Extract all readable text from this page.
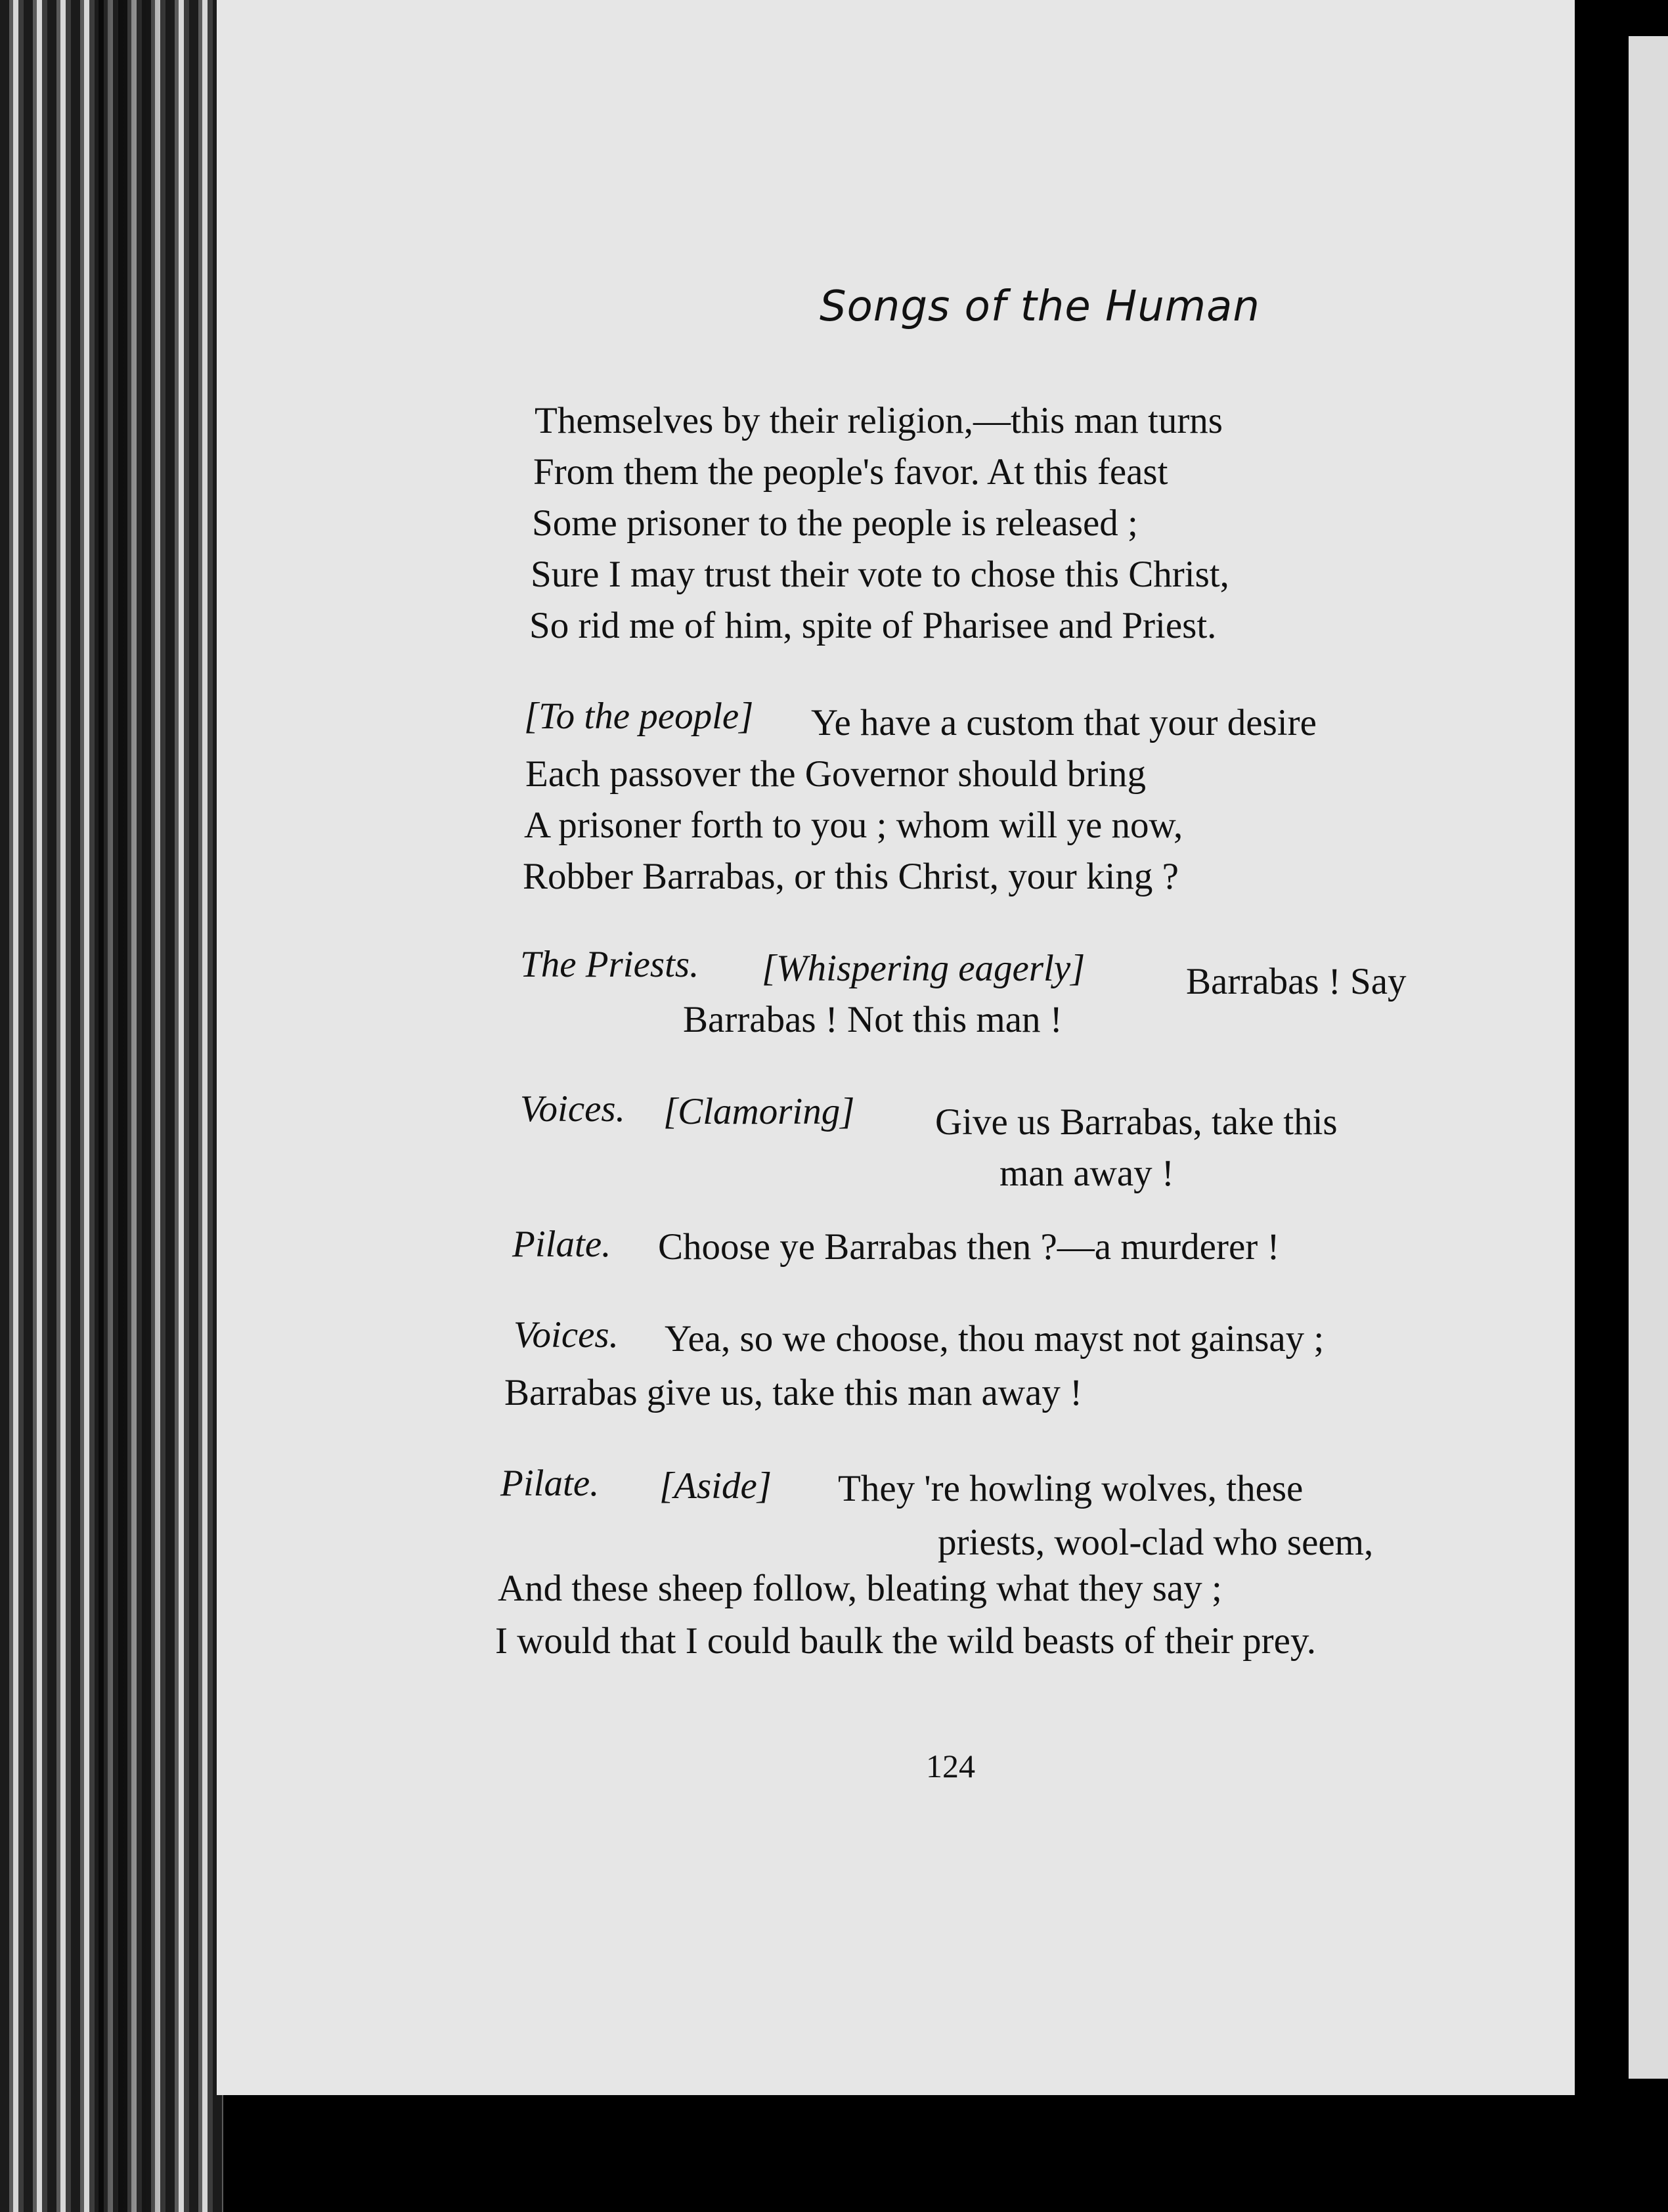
Songs of the Human
Themselves by their religion,—this man turns
From them the people's favor. At this feast
Some prisoner to the people is released ;
Sure I may trust their vote to chose this Christ,
So rid me of him, spite of Pharisee and Priest.
[To the people] Ye have a custom that your desire
Each passover the Governor should bring
A prisoner forth to you ; whom will ye now,
Robber Barrabas, or this Christ, your king ?
The Priests. [Whispering eagerly]	Barrabas ! Say
Barrabas ! Not this man !
Voices. [Clamoring] Give us Barrabas, take this
man away !
Pilate. Choose ye Barrabas then ?—a murderer !
Voices. Yea, so we choose, thou mayst not gainsay ;
Barrabas give us, take this man away !
Pilate. [Aside] They 're howling wolves, these
priests, wool-clad who seem,
And these sheep follow, bleating what they say ;
I would that I could baulk the wild beasts of their prey.
124
